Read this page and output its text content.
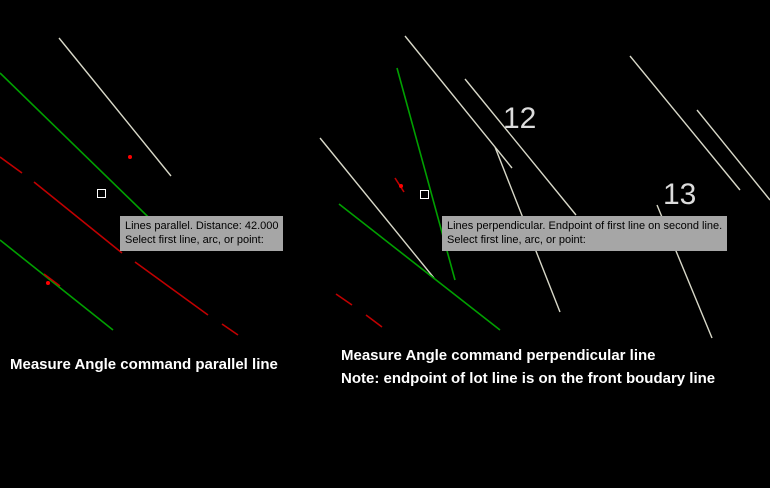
12
13
Lines parallel. Distance: 42.000
Select first line, arc, or point:
Lines perpendicular. Endpoint of first line on second line.
Select first line, arc, or point:
Measure Angle command parallel line
Measure Angle command perpendicular line
Note: endpoint of lot line is on the front boudary line
